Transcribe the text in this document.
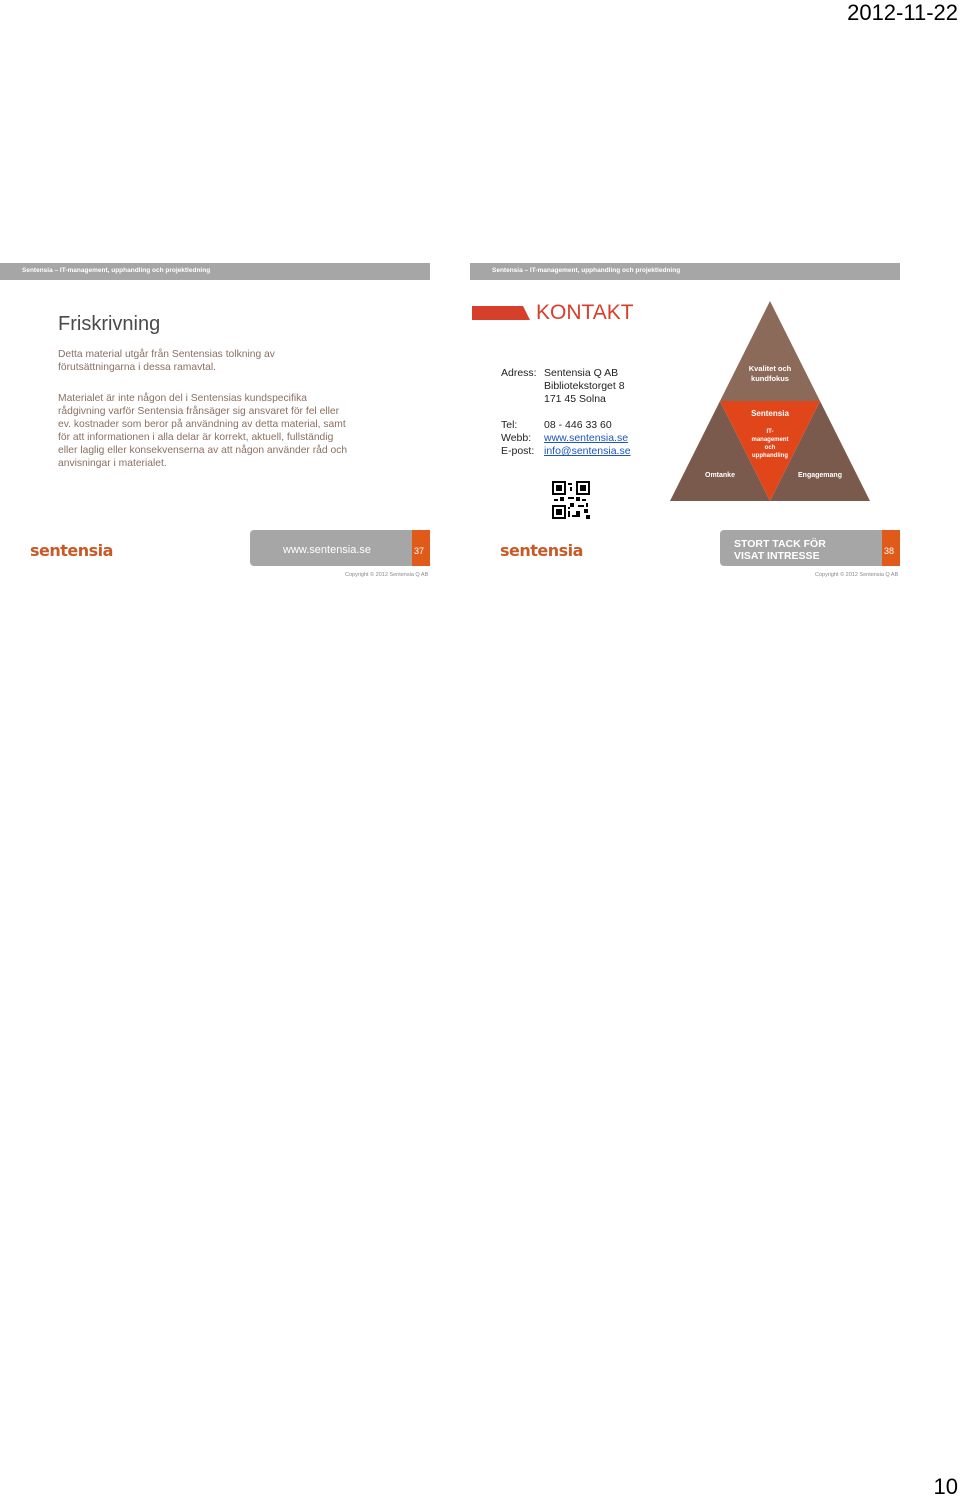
2012-11-22
Sentensia – IT-management, upphandling och projektledning
Friskrivning
Detta material utgår från Sentensias tolkning av
förutsättningarna i dessa ramavtal.
Materialet är inte någon del i Sentensias kundspecifika
rådgivning varför Sentensia frånsäger sig ansvaret för fel eller
ev. kostnader som beror på användning av detta material, samt
för att informationen i alla delar är korrekt, aktuell, fullständig
eller laglig eller konsekvenserna av att någon använder råd och
anvisningar i materialet.
sentensia	www.sentensia.se	37
Copyright © 2012 Sentensia Q AB
Sentensia – IT-management, upphandling och projektledning
KONTAKT
Adress: Sentensia Q AB
Bibliotekstorget 8
171 45 Solna
Tel:	08 - 446 33 60
Webb: www.sentensia.se
E-post: info@sentensia.se
Kvalitet och
kundfokus
Sentensia
IT-
management
och
upphandling
Omtanke	Engagemang
sentensia	STORT TACK FÖR
VISAT INTRESSE	38
Copyright © 2012 Sentensia Q AB
10
